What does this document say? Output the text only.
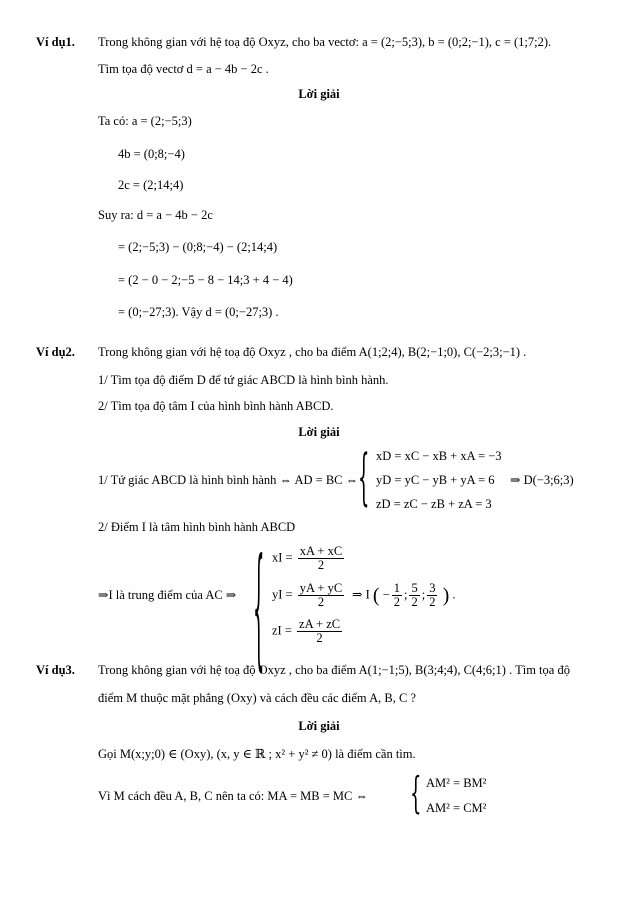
Ví dụ1. Trong không gian với hệ toạ độ Oxyz, cho ba vectơ: a = (2;−5;3), b = (0;2;−1), c = (1;7;2).
Tìm tọa độ vectơ d = a − 4b − 2c .
Lời giải
Ta có: a = (2;−5;3)
4b = (0;8;−4)
2c = (2;14;4)
Suy ra: d = a − 4b − 2c
= (2;−5;3) − (0;8;−4) − (2;14;4)
= (2 − 0 − 2;−5 − 8 − 14;3 + 4 − 4)
= (0;−27;3). Vậy d = (0;−27;3) .
Ví dụ2. Trong không gian với hệ toạ độ Oxyz , cho ba điểm A(1;2;4), B(2;−1;0), C(−2;3;−1) .
1/ Tìm tọa độ điểm D để tứ giác ABCD là hình bình hành.
2/ Tìm tọa độ tâm I của hình bình hành ABCD.
Lời giải
1/ Tứ giác ABCD là hình bình hành ⇔ AD = BC ⇔ { xD = xC − xB + xA = −3
yD = yC − yB + yA = 6
zD = zC − zB + zA = 3
⇒ D(−3;6;3)
2/ Điểm I là tâm hình bình hành ABCD
⇒I là trung điểm của AC ⇒ { xI = $\frac{xA + xC}{2}$
yI = $\frac{yA + yC}{2}$
zI = $\frac{zA + zC}{2}$
⇒ I ( − $\frac{1}{2}$ ; $\frac{5}{2}$ ; $\frac{3}{2}$ ) .
Ví dụ3. Trong không gian với hệ toạ độ Oxyz , cho ba điểm A(1;−1;5), B(3;4;4), C(4;6;1) . Tìm tọa độ
điểm M thuộc mặt phẳng (Oxy) và cách đều các điểm A, B, C ?
Lời giải
Gọi M(x;y;0) ∈ (Oxy), (x, y ∈ ℝ ; x² + y² ≠ 0) là điểm cần tìm.
Vì M cách đều A, B, C nên ta có: MA = MB = MC ⇔ { AM² = BM²
AM² = CM²
